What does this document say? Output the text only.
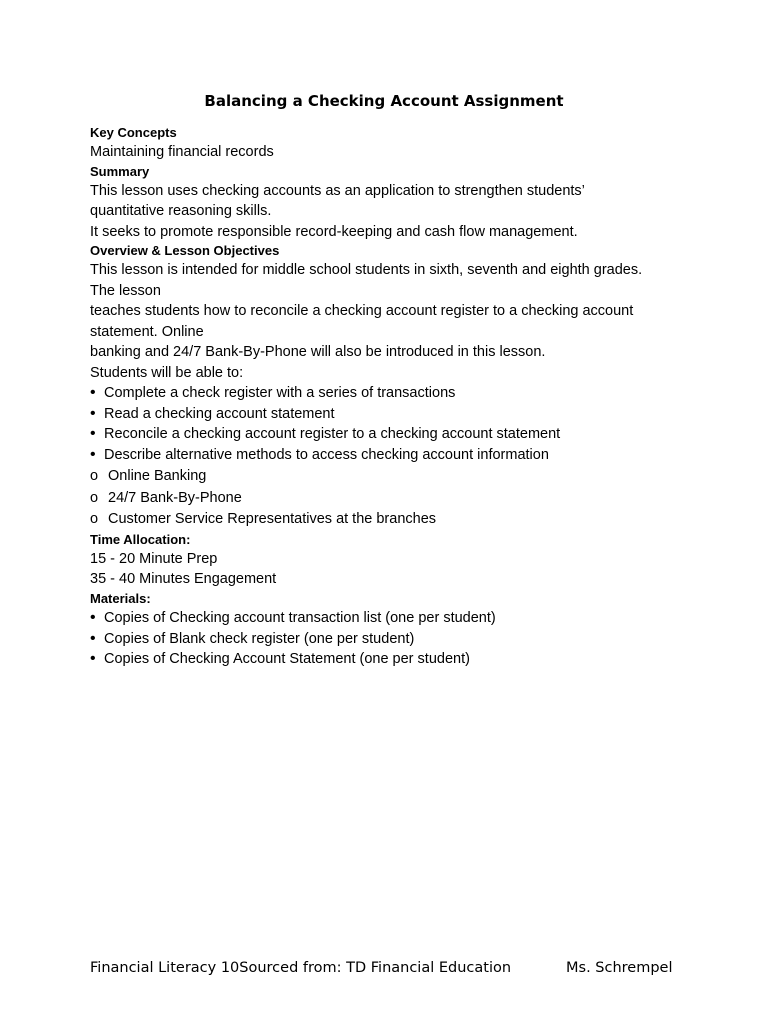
Balancing a Checking Account Assignment

Key Concepts

Maintaining financial records

Summary

This lesson uses checking accounts as an application to strengthen students’

quantitative reasoning skills.

It seeks to promote responsible record-keeping and cash flow management.

Overview & Lesson Objectives

This lesson is intended for middle school students in sixth, seventh and eighth grades.

The lesson

teaches students how to reconcile a checking account register to a checking account

statement. Online

banking and 24/7 Bank-By-Phone will also be introduced in this lesson.

Students will be able to:

• Complete a check register with a series of transactions
• Read a checking account statement
• Reconcile a checking account register to a checking account statement
• Describe alternative methods to access checking account information
o Online Banking
o 24/7 Bank-By-Phone
o Customer Service Representatives at the branches

Time Allocation:

15 - 20 Minute Prep

35 - 40 Minutes Engagement

Materials:

• Copies of Checking account transaction list (one per student)
• Copies of Blank check register (one per student)
• Copies of Checking Account Statement (one per student)
Financial Literacy 10Sourced from: TD Financial Education	Ms. Schrempel
